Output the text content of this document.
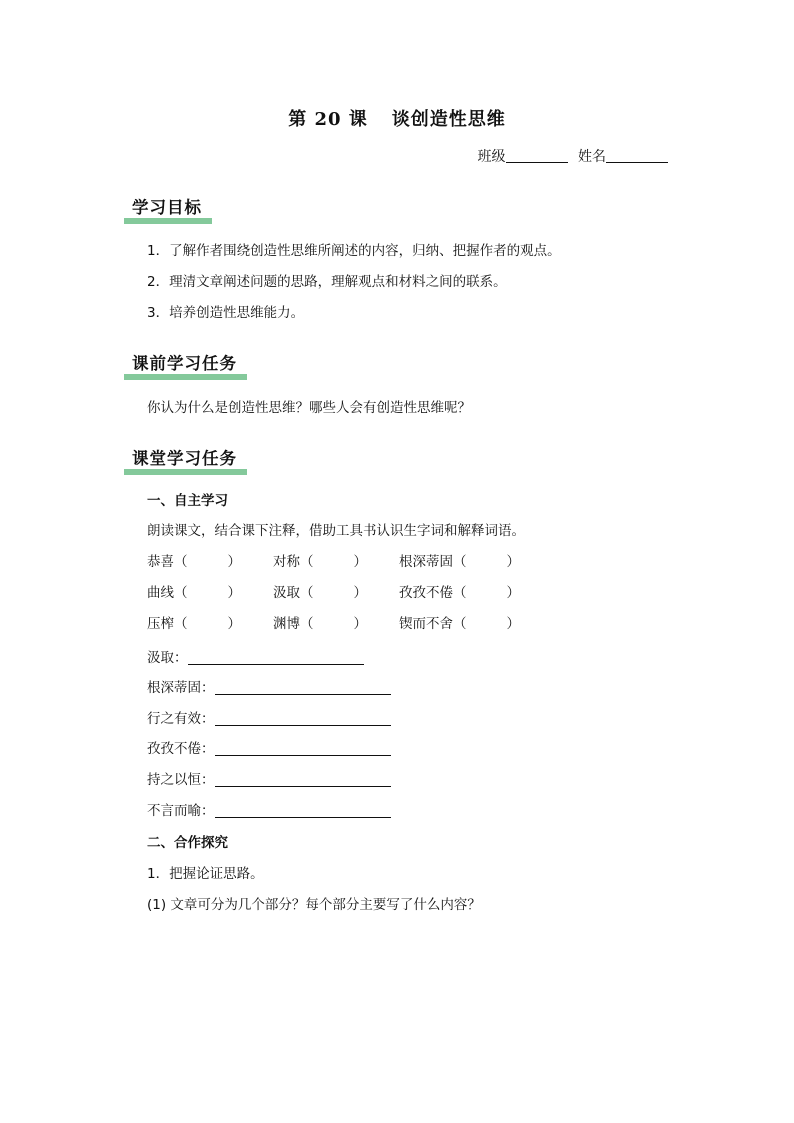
第 20 课 谈创造性思维
班级	姓名
学习目标
1．了解作者围绕创造性思维所阐述的内容，归纳、把握作者的观点。
2．理清文章阐述问题的思路，理解观点和材料之间的联系。
3．培养创造性思维能力。
课前学习任务
你认为什么是创造性思维？哪些人会有创造性思维呢？
课堂学习任务
一、自主学习
朗读课文，结合课下注释，借助工具书认识生字词和解释词语。
恭喜（	） 对称（	） 根深蒂固（	）
曲线（	） 汲取（	） 孜孜不倦（	）
压榨（	） 渊博（	） 锲而不舍（	）
汲取：
根深蒂固：
行之有效：
孜孜不倦：
持之以恒：
不言而喻：
二、合作探究
1．把握论证思路。
(1) 文章可分为几个部分？每个部分主要写了什么内容？
